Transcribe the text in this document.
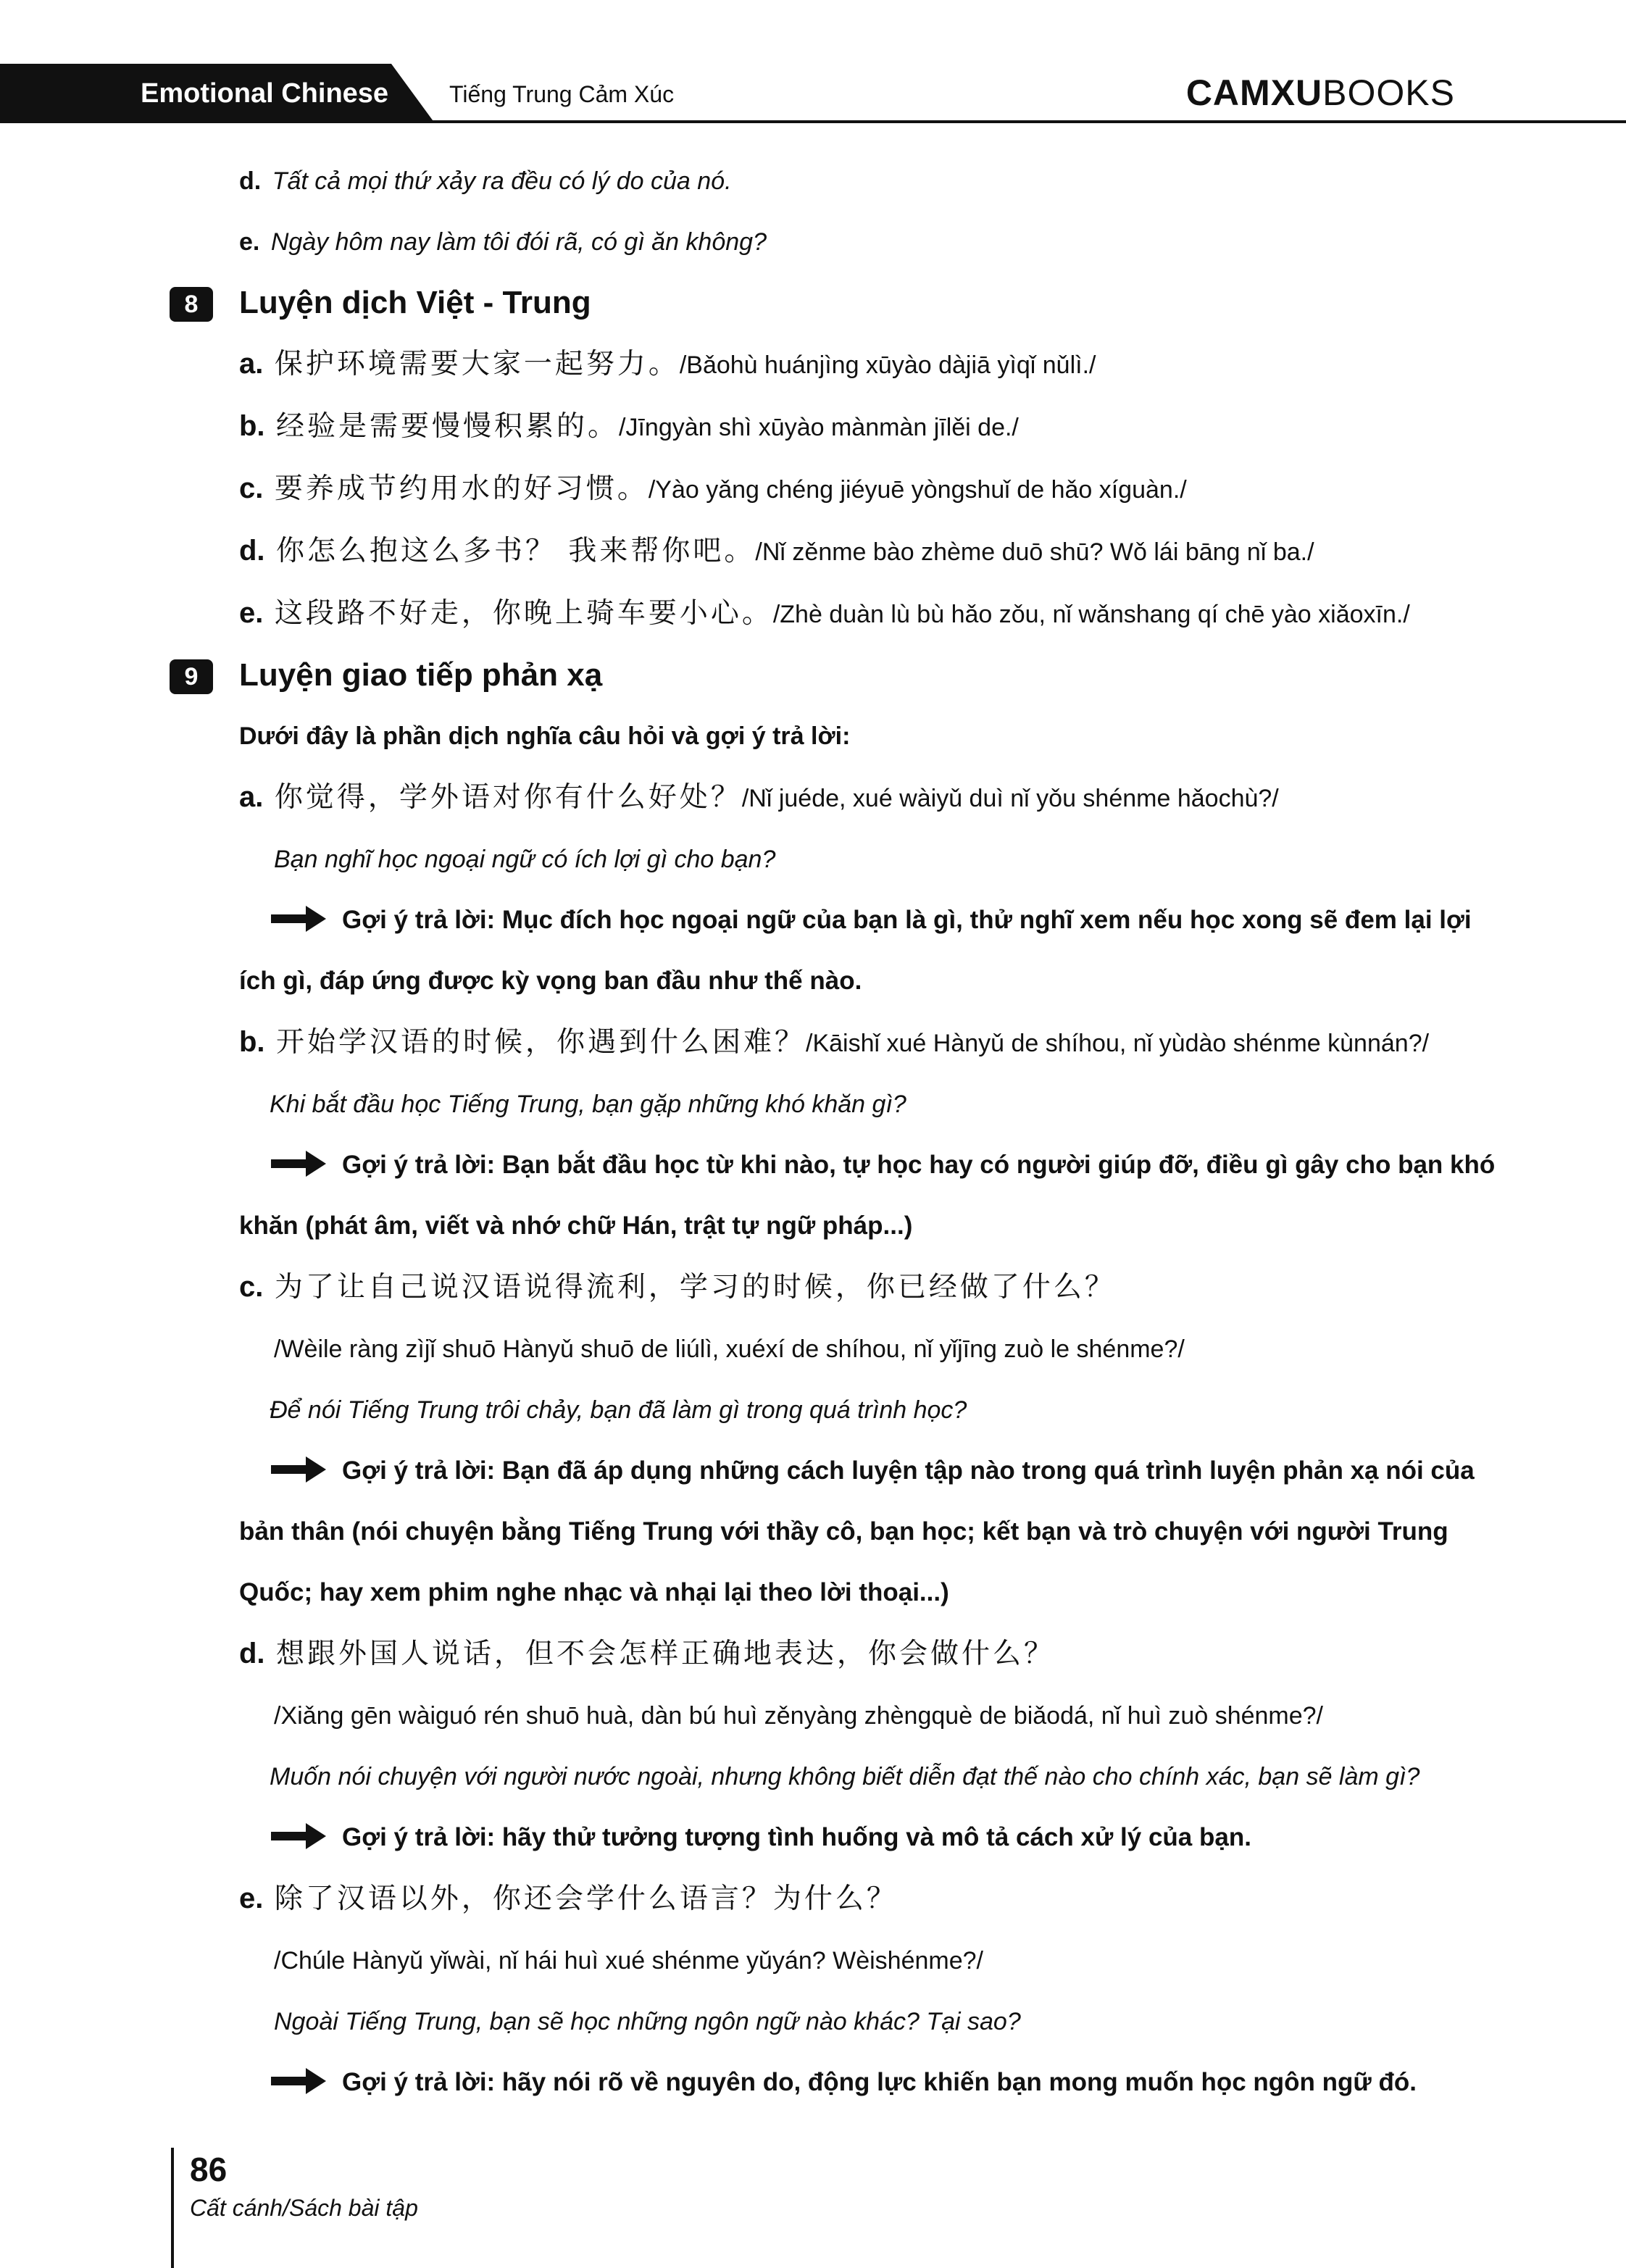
Emotional Chinese	Tiếng Trung Cảm Xúc	CAMXUBOOKS
d. Tất cả mọi thứ xảy ra đều có lý do của nó.
e. Ngày hôm nay làm tôi đói rã, có gì ăn không?
8	Luyện dịch Việt - Trung
a. 保护环境需要大家一起努力。/Bǎohù huánjìng xūyào dàjiā yìqǐ nǔlì./
b. 经验是需要慢慢积累的。/Jīngyàn shì xūyào mànmàn jīlěi de./
c. 要养成节约用水的好习惯。/Yào yǎng chéng jiéyuē yòngshuǐ de hǎo xíguàn./
d. 你怎么抱这么多书？ 我来帮你吧。/Nǐ zěnme bào zhème duō shū? Wǒ lái bāng nǐ ba./
e. 这段路不好走，你晚上骑车要小心。/Zhè duàn lù bù hǎo zǒu, nǐ wǎnshang qí chē yào xiǎoxīn./
9	Luyện giao tiếp phản xạ
Dưới đây là phần dịch nghĩa câu hỏi và gợi ý trả lời:
a. 你觉得，学外语对你有什么好处？/Nǐ juéde, xué wàiyǔ duì nǐ yǒu shénme hǎochù?/
Bạn nghĩ học ngoại ngữ có ích lợi gì cho bạn?
Gợi ý trả lời: Mục đích học ngoại ngữ của bạn là gì, thử nghĩ xem nếu học xong sẽ đem lại lợi
ích gì, đáp ứng được kỳ vọng ban đầu như thế nào.
b. 开始学汉语的时候，你遇到什么困难？/Kāishǐ xué Hànyǔ de shíhou, nǐ yùdào shénme kùnnán?/
Khi bắt đầu học Tiếng Trung, bạn gặp những khó khăn gì?
Gợi ý trả lời: Bạn bắt đầu học từ khi nào, tự học hay có người giúp đỡ, điều gì gây cho bạn khó
khăn (phát âm, viết và nhớ chữ Hán, trật tự ngữ pháp...)
c. 为了让自己说汉语说得流利，学习的时候，你已经做了什么？
/Wèile ràng zìjǐ shuō Hànyǔ shuō de liúlì, xuéxí de shíhou, nǐ yǐjīng zuò le shénme?/
Để nói Tiếng Trung trôi chảy, bạn đã làm gì trong quá trình học?
Gợi ý trả lời: Bạn đã áp dụng những cách luyện tập nào trong quá trình luyện phản xạ nói của
bản thân (nói chuyện bằng Tiếng Trung với thầy cô, bạn học; kết bạn và trò chuyện với người Trung
Quốc; hay xem phim nghe nhạc và nhại lại theo lời thoại...)
d. 想跟外国人说话，但不会怎样正确地表达，你会做什么？
/Xiǎng gēn wàiguó rén shuō huà, dàn bú huì zěnyàng zhèngquè de biǎodá, nǐ huì zuò shénme?/
Muốn nói chuyện với người nước ngoài, nhưng không biết diễn đạt thế nào cho chính xác, bạn sẽ làm gì?
Gợi ý trả lời: hãy thử tưởng tượng tình huống và mô tả cách xử lý của bạn.
e. 除了汉语以外，你还会学什么语言？为什么？
/Chúle Hànyǔ yǐwài, nǐ hái huì xué shénme yǔyán? Wèishénme?/
Ngoài Tiếng Trung, bạn sẽ học những ngôn ngữ nào khác? Tại sao?
Gợi ý trả lời: hãy nói rõ về nguyên do, động lực khiến bạn mong muốn học ngôn ngữ đó.
86
Cất cánh/Sách bài tập
